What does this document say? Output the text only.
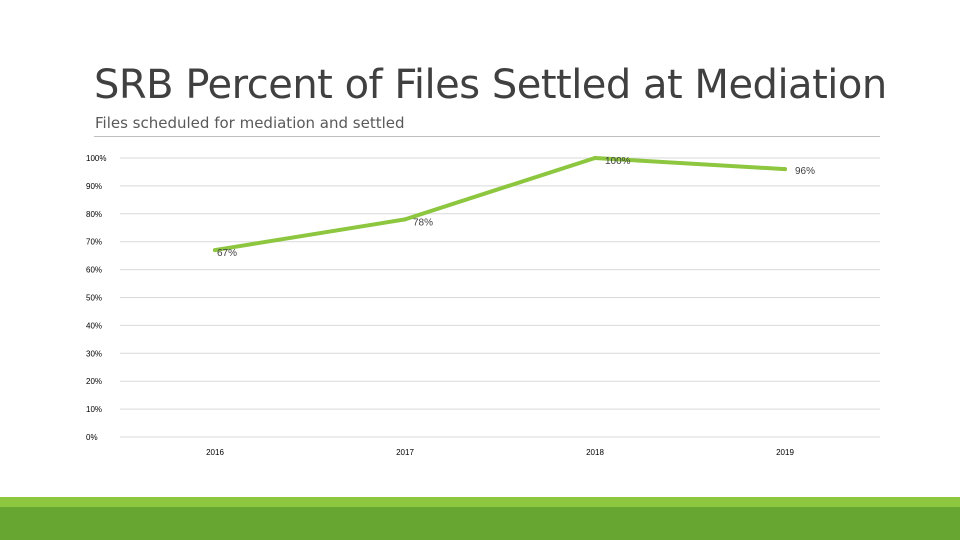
SRB Percent of Files Settled at Mediation
Files scheduled for mediation and settled
0%
10%
20%
30%
40%
50%
60%
70%
80%
90%
100%
2016	2017	2018	2019
67%
78%
100%
96%
